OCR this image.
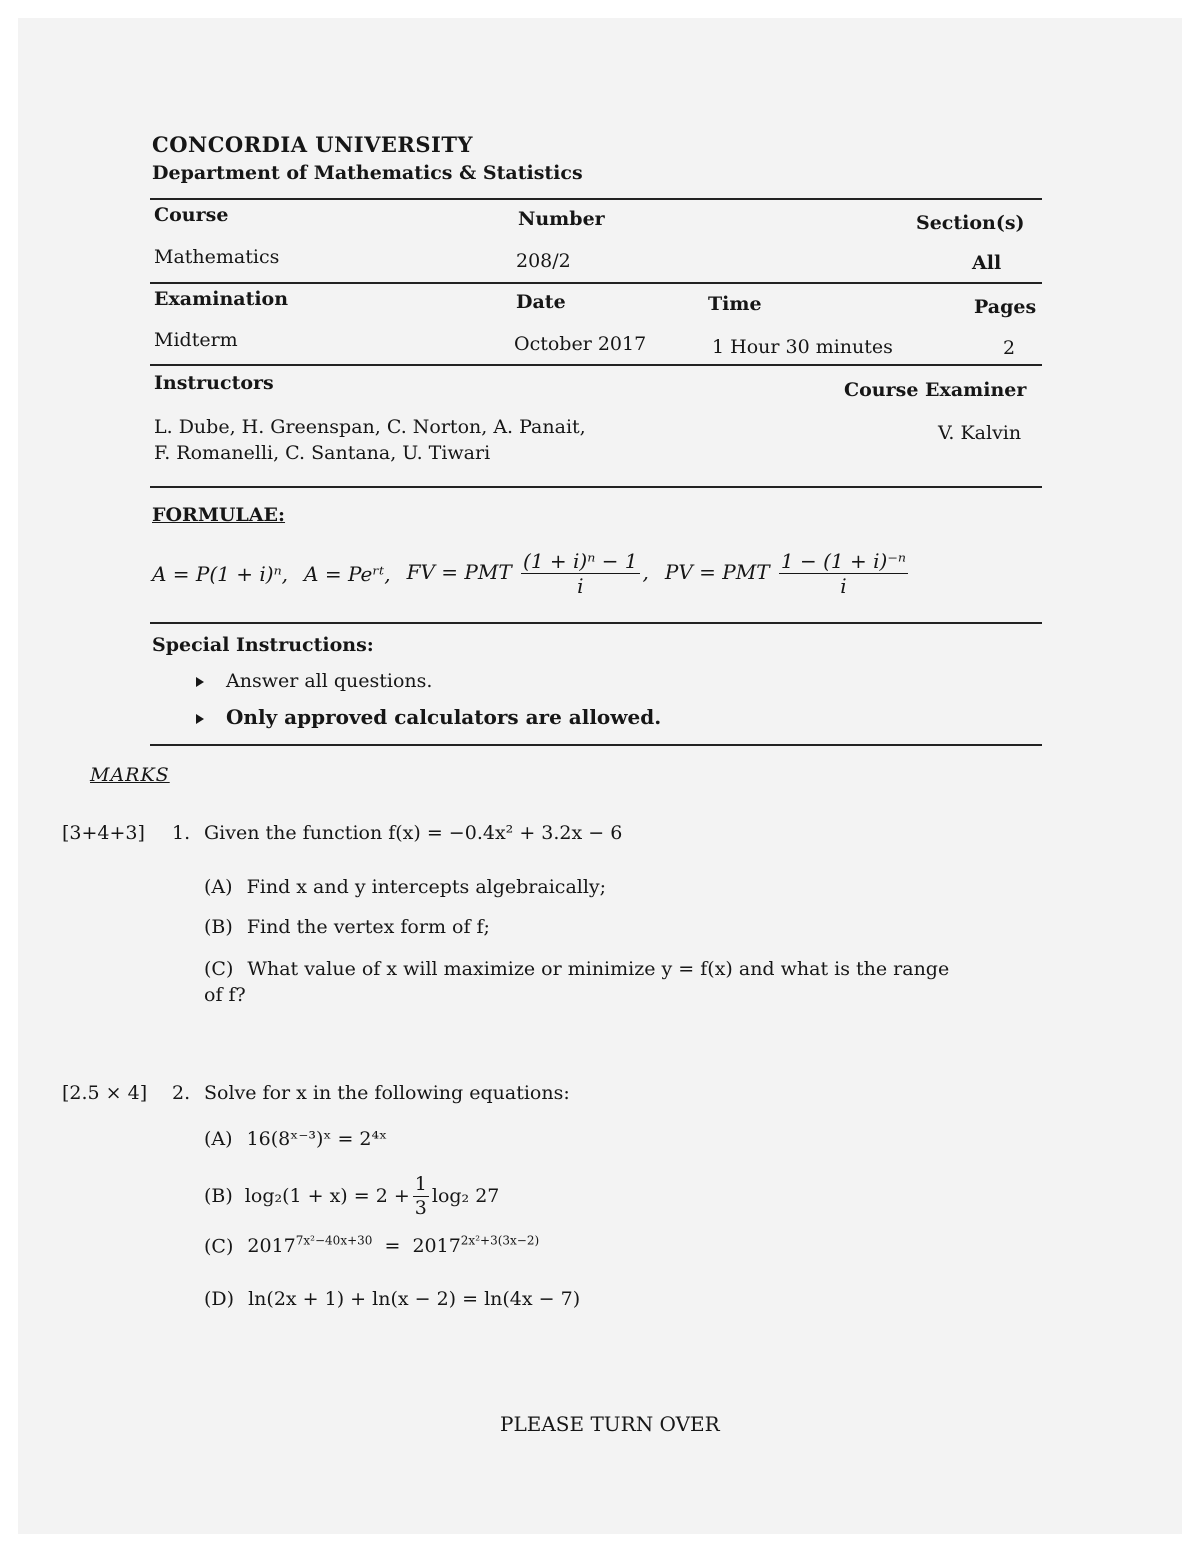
CONCORDIA UNIVERSITY
Department of Mathematics & Statistics
Course	Number	Section(s)
Mathematics	208/2	All
Examination	Date	Time	Pages
Midterm	October 2017	1 Hour 30 minutes	2
Instructors	Course Examiner
L. Dube, H. Greenspan, C. Norton, A. Panait,
F. Romanelli, C. Santana, U. Tiwari
V. Kalvin
FORMULAE:
A = P(1 + i)ⁿ, A = Peʳᵗ, FV = PMT $\frac{\text{(1 + i)ⁿ − 1}}{i}$ , PV = PMT $\frac{\text{1 − (1 + i)⁻ⁿ}}{i}$
Special Instructions:
Answer all questions.
Only approved calculators are allowed.
MARKS
[3+4+3] 1. Given the function f(x) = −0.4x² + 3.2x − 6
(A) Find x and y intercepts algebraically;
(B) Find the vertex form of f;
(C) What value of x will maximize or minimize y = f(x) and what is the range
of f?
[2.5 × 4] 2. Solve for x in the following equations:
(A) 16(8ˣ⁻³)ˣ = 2⁴ˣ
(B) $\log_2(1 + x) = 2 + \frac{1}{3} \log_2$ 27
(C) $2017^{7x^2-40x+30} = 2017^{2x^2+3(3x-2)}$
(D) ln(2x + 1) + ln(x − 2) = ln(4x − 7)
PLEASE TURN OVER
